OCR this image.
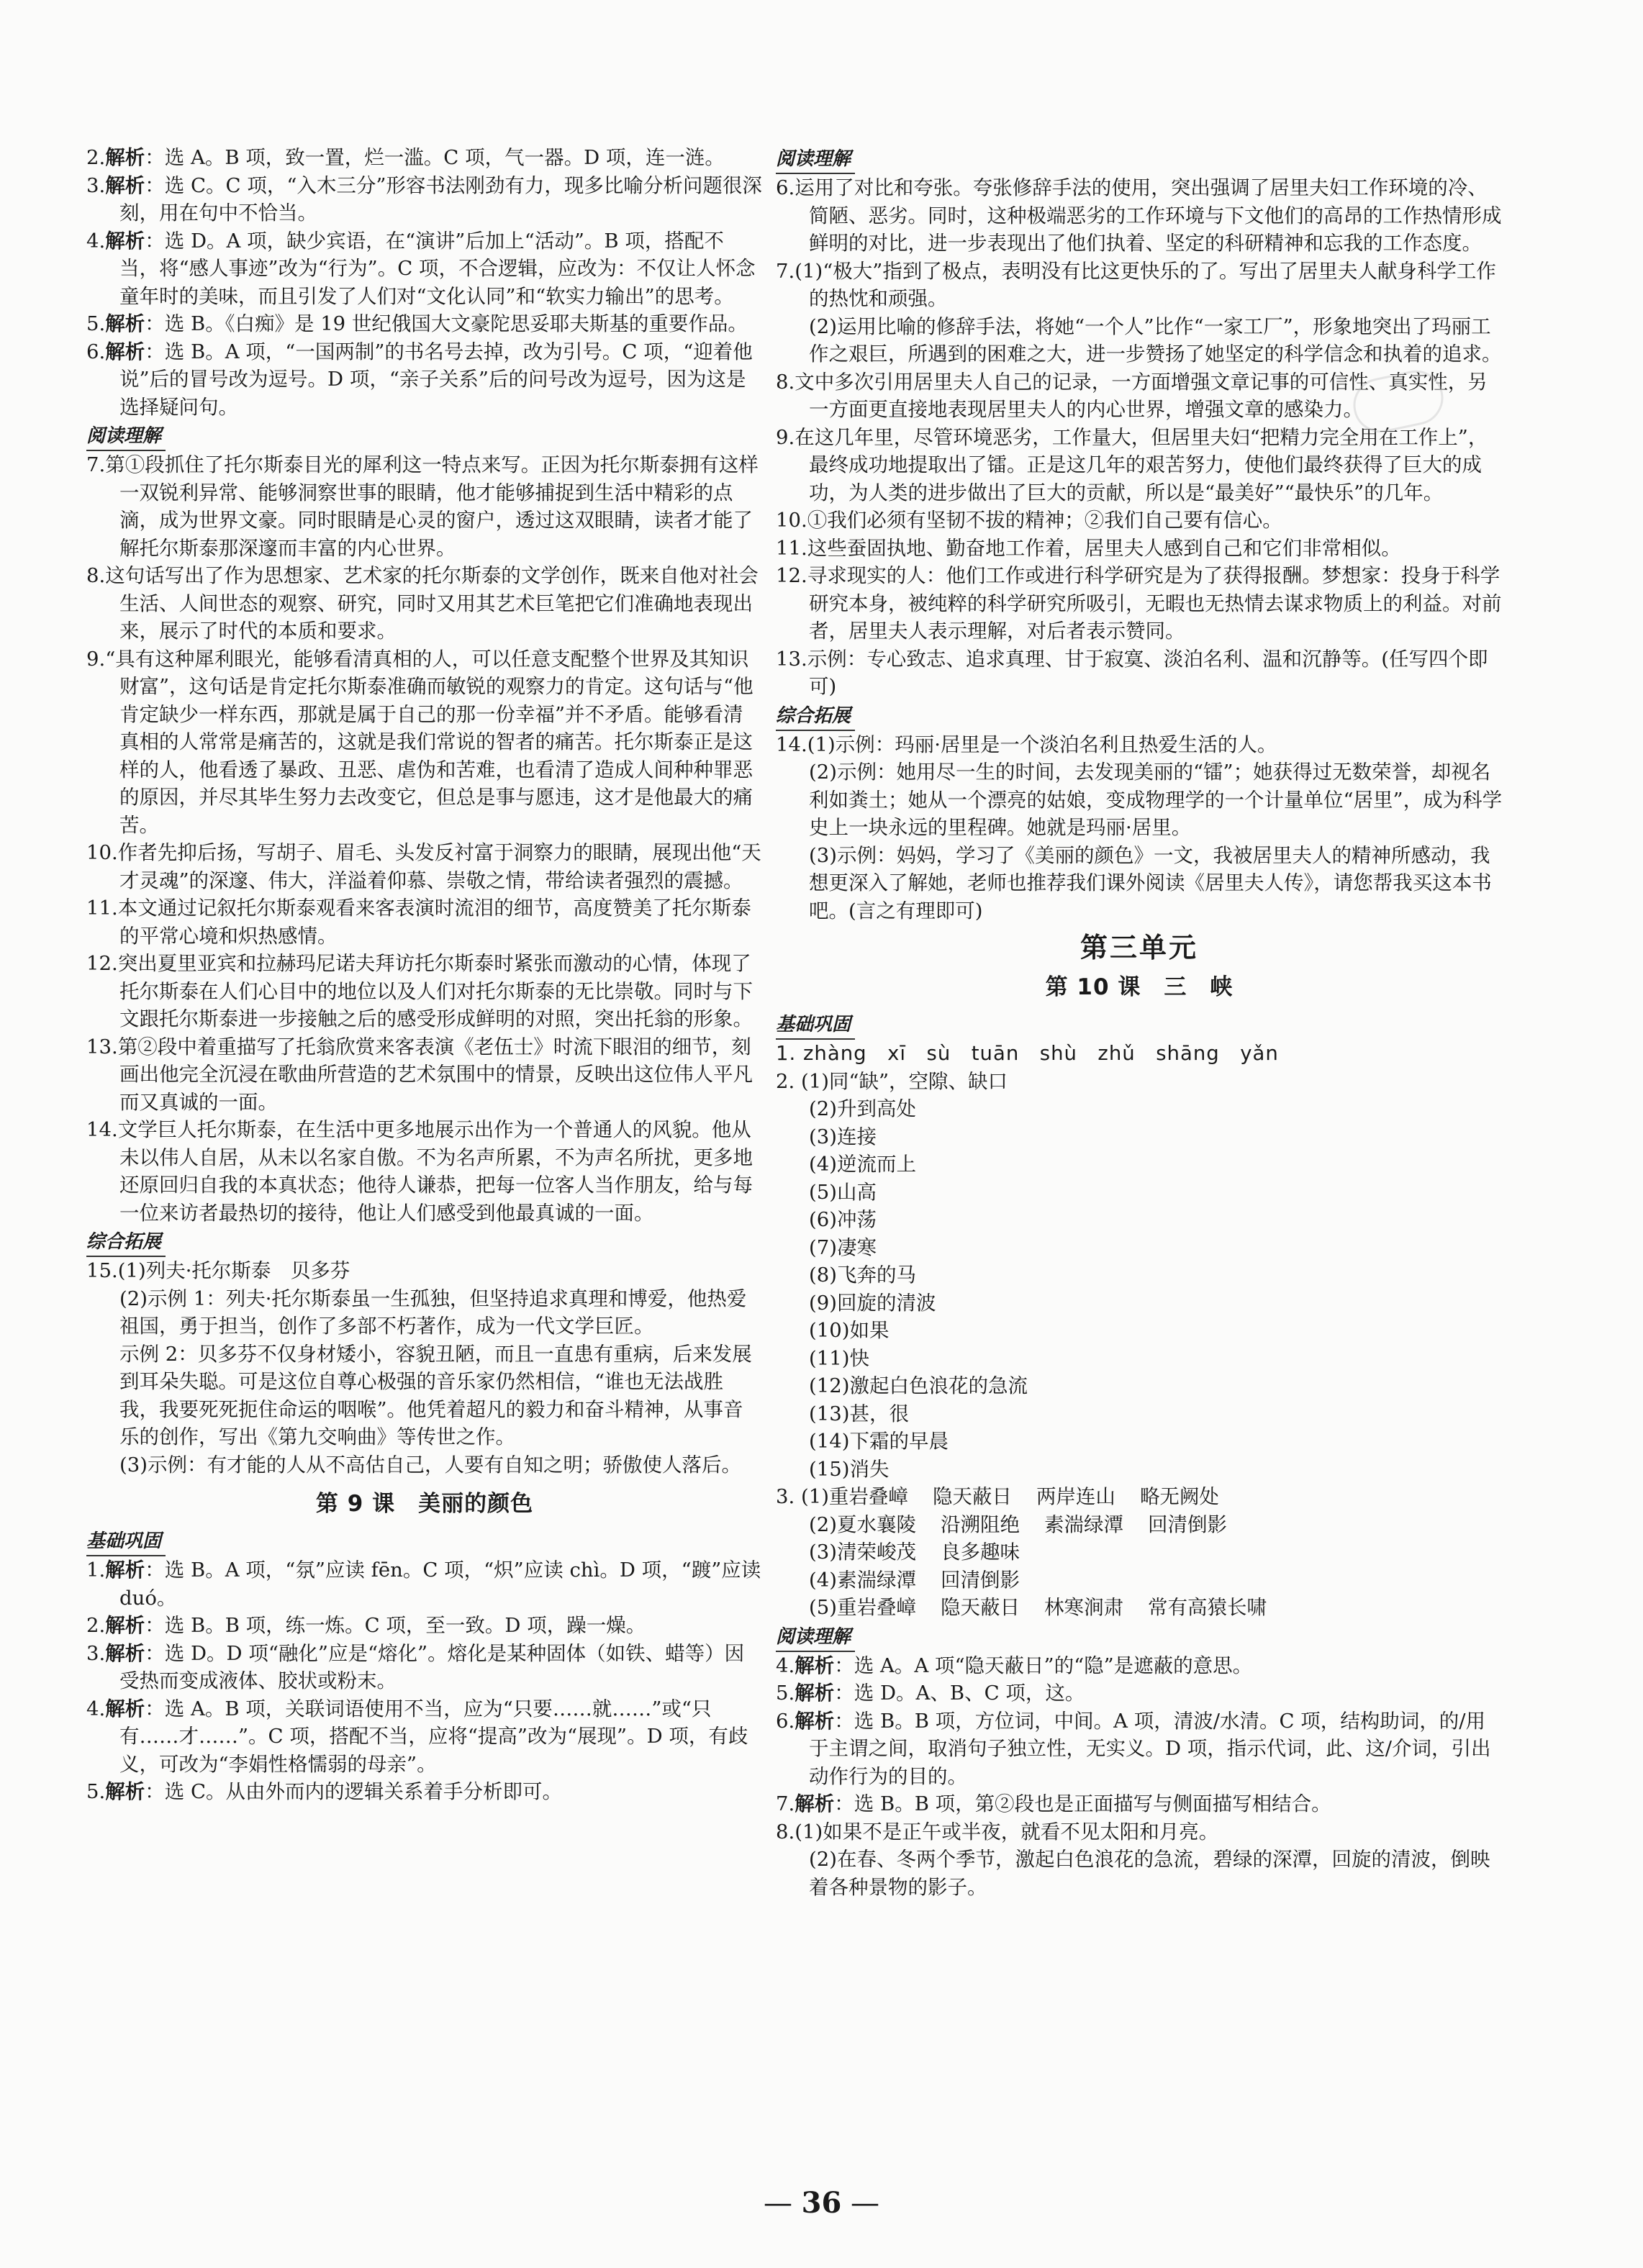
2.解析：选 A。B 项，致一置，烂一滥。C 项，气一器。D 项，连一涟。

3.解析：选 C。C 项，“入木三分”形容书法刚劲有力，现多比喻分析问题很深刻，用在句中不恰当。

4.解析：选 D。A 项，缺少宾语，在“演讲”后加上“活动”。B 项，搭配不当，将“感人事迹”改为“行为”。C 项，不合逻辑，应改为：不仅让人怀念童年时的美味，而且引发了人们对“文化认同”和“软实力输出”的思考。

5.解析：选 B。《白痴》是 19 世纪俄国大文豪陀思妥耶夫斯基的重要作品。

6.解析：选 B。A 项，“一国两制”的书名号去掉，改为引号。C 项，“迎着他说”后的冒号改为逗号。D 项，“亲子关系”后的问号改为逗号，因为这是选择疑问句。

阅读理解

7.第①段抓住了托尔斯泰目光的犀利这一特点来写。正因为托尔斯泰拥有这样一双锐利异常、能够洞察世事的眼睛，他才能够捕捉到生活中精彩的点滴，成为世界文豪。同时眼睛是心灵的窗户，透过这双眼睛，读者才能了解托尔斯泰那深邃而丰富的内心世界。

8.这句话写出了作为思想家、艺术家的托尔斯泰的文学创作，既来自他对社会生活、人间世态的观察、研究，同时又用其艺术巨笔把它们准确地表现出来，展示了时代的本质和要求。

9.“具有这种犀利眼光，能够看清真相的人，可以任意支配整个世界及其知识财富”，这句话是肯定托尔斯泰准确而敏锐的观察力的肯定。这句话与“他肯定缺少一样东西，那就是属于自己的那一份幸福”并不矛盾。能够看清真相的人常常是痛苦的，这就是我们常说的智者的痛苦。托尔斯泰正是这样的人，他看透了暴政、丑恶、虐伪和苦难，也看清了造成人间种种罪恶的原因，并尽其毕生努力去改变它，但总是事与愿违，这才是他最大的痛苦。

10.作者先抑后扬，写胡子、眉毛、头发反衬富于洞察力的眼睛，展现出他“天才灵魂”的深邃、伟大，洋溢着仰慕、崇敬之情，带给读者强烈的震撼。

11.本文通过记叙托尔斯泰观看来客表演时流泪的细节，高度赞美了托尔斯泰的平常心境和炽热感情。

12.突出夏里亚宾和拉赫玛尼诺夫拜访托尔斯泰时紧张而激动的心情，体现了托尔斯泰在人们心目中的地位以及人们对托尔斯泰的无比崇敬。同时与下文跟托尔斯泰进一步接触之后的感受形成鲜明的对照，突出托翁的形象。

13.第②段中着重描写了托翁欣赏来客表演《老伍士》时流下眼泪的细节，刻画出他完全沉浸在歌曲所营造的艺术氛围中的情景，反映出这位伟人平凡而又真诚的一面。

14.文学巨人托尔斯泰，在生活中更多地展示出作为一个普通人的风貌。他从未以伟人自居，从未以名家自傲。不为名声所累，不为声名所扰，更多地还原回归自我的本真状态；他待人谦恭，把每一位客人当作朋友，给与每一位来访者最热切的接待，他让人们感受到他最真诚的一面。

综合拓展

15.(1)列夫·托尔斯泰　贝多芬

(2)示例 1：列夫·托尔斯泰虽一生孤独，但坚持追求真理和博爱，他热爱祖国，勇于担当，创作了多部不朽著作，成为一代文学巨匠。

示例 2：贝多芬不仅身材矮小，容貌丑陋，而且一直患有重病，后来发展到耳朵失聪。可是这位自尊心极强的音乐家仍然相信，“谁也无法战胜我，我要死死扼住命运的咽喉”。他凭着超凡的毅力和奋斗精神，从事音乐的创作，写出《第九交响曲》等传世之作。

(3)示例：有才能的人从不高估自己，人要有自知之明；骄傲使人落后。

第 9 课　美丽的颜色
基础巩固

1.解析：选 B。A 项，“氛”应读 fēn。C 项，“炽”应读 chì。D 项，“踱”应读 duó。

2.解析：选 B。B 项，练一炼。C 项，至一致。D 项，躁一燥。

3.解析：选 D。D 项“融化”应是“熔化”。熔化是某种固体（如铁、蜡等）因受热而变成液体、胶状或粉末。

4.解析：选 A。B 项，关联词语使用不当，应为“只要……就……”或“只有……才……”。C 项，搭配不当，应将“提高”改为“展现”。D 项，有歧义，可改为“李娟性格懦弱的母亲”。

5.解析：选 C。从由外而内的逻辑关系着手分析即可。

阅读理解

6.运用了对比和夸张。夸张修辞手法的使用，突出强调了居里夫妇工作环境的冷、简陋、恶劣。同时，这种极端恶劣的工作环境与下文他们的高昂的工作热情形成鲜明的对比，进一步表现出了他们执着、坚定的科研精神和忘我的工作态度。

7.(1)“极大”指到了极点，表明没有比这更快乐的了。写出了居里夫人献身科学工作的热忱和顽强。

(2)运用比喻的修辞手法，将她“一个人”比作“一家工厂”，形象地突出了玛丽工作之艰巨，所遇到的困难之大，进一步赞扬了她坚定的科学信念和执着的追求。

8.文中多次引用居里夫人自己的记录，一方面增强文章记事的可信性、真实性，另一方面更直接地表现居里夫人的内心世界，增强文章的感染力。

9.在这几年里，尽管环境恶劣，工作量大，但居里夫妇“把精力完全用在工作上”，最终成功地提取出了镭。正是这几年的艰苦努力，使他们最终获得了巨大的成功，为人类的进步做出了巨大的贡献，所以是“最美好”“最快乐”的几年。

10.①我们必须有坚韧不拔的精神；②我们自己要有信心。

11.这些蚕固执地、勤奋地工作着，居里夫人感到自己和它们非常相似。

12.寻求现实的人：他们工作或进行科学研究是为了获得报酬。梦想家：投身于科学研究本身，被纯粹的科学研究所吸引，无暇也无热情去谋求物质上的利益。对前者，居里夫人表示理解，对后者表示赞同。

13.示例：专心致志、追求真理、甘于寂寞、淡泊名利、温和沉静等。(任写四个即可)

综合拓展

14.(1)示例：玛丽·居里是一个淡泊名利且热爱生活的人。

(2)示例：她用尽一生的时间，去发现美丽的“镭”；她获得过无数荣誉，却视名利如粪土；她从一个漂亮的姑娘，变成物理学的一个计量单位“居里”，成为科学史上一块永远的里程碑。她就是玛丽·居里。

(3)示例：妈妈，学习了《美丽的颜色》一文，我被居里夫人的精神所感动，我想更深入了解她，老师也推荐我们课外阅读《居里夫人传》，请您帮我买这本书吧。(言之有理即可)

第三单元
第 10 课　三　峡
基础巩固

1. zhàng　xī　sù　tuān　shù　zhǔ　shāng　yǎn

2. (1)同“缺”，空隙、缺口

(2)升到高处

(3)连接

(4)逆流而上

(5)山高

(6)冲荡

(7)凄寒

(8)飞奔的马

(9)回旋的清波

(10)如果

(11)快

(12)激起白色浪花的急流

(13)甚，很

(14)下霜的早晨

(15)消失

3. (1)重岩叠嶂 隐天蔽日 两岸连山 略无阙处

(2)夏水襄陵 沿溯阻绝 素湍绿潭 回清倒影

(3)清荣峻茂 良多趣味

(4)素湍绿潭 回清倒影

(5)重岩叠嶂 隐天蔽日 林寒涧肃 常有高猿长啸

阅读理解

4.解析：选 A。A 项“隐天蔽日”的“隐”是遮蔽的意思。

5.解析：选 D。A、B、C 项，这。

6.解析：选 B。B 项，方位词，中间。A 项，清波/水清。C 项，结构助词，的/用于主谓之间，取消句子独立性，无实义。D 项，指示代词，此、这/介词，引出动作行为的目的。

7.解析：选 B。B 项，第②段也是正面描写与侧面描写相结合。

8.(1)如果不是正午或半夜，就看不见太阳和月亮。

(2)在春、冬两个季节，激起白色浪花的急流，碧绿的深潭，回旋的清波，倒映着各种景物的影子。

— 36 —
